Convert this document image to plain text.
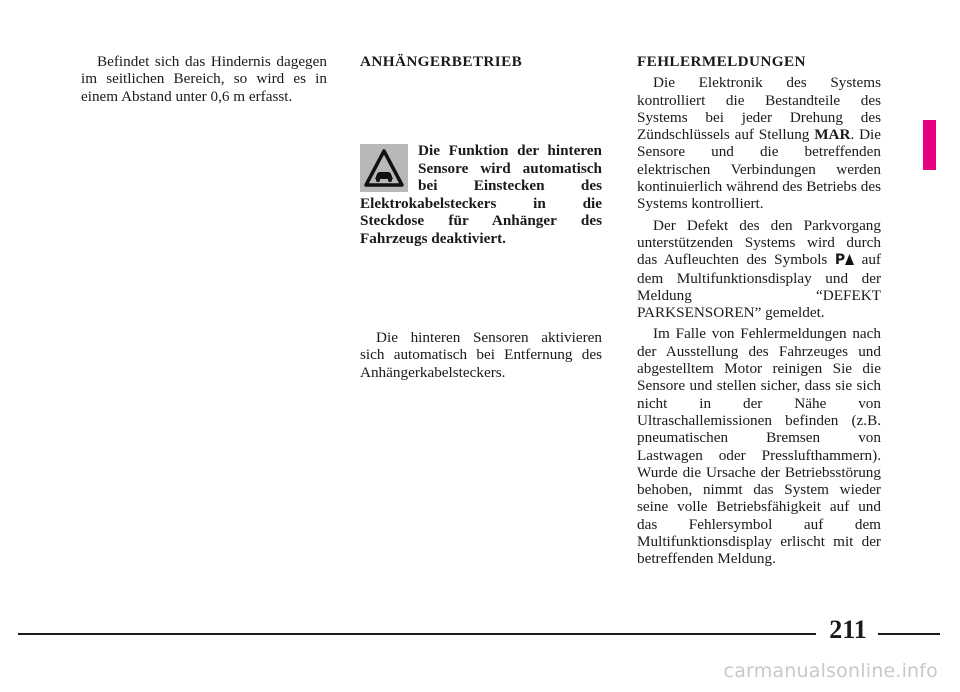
Befindet sich das Hindernis dagegen im seitlichen Bereich, so wird es in einem Abstand unter 0,6 m erfasst.

ANHÄNGERBETRIEB

Die Funktion der hinteren Sensore wird automatisch bei Einstecken des Elektrokabelsteckers in die Steckdose für Anhänger des Fahrzeugs deaktiviert.

Die hinteren Sensoren aktivieren sich automatisch bei Entfernung des Anhängerkabelsteckers.

FEHLERMELDUNGEN

Die Elektronik des Systems kontrolliert die Bestandteile des Systems bei jeder Drehung des Zündschlüssels auf Stellung MAR. Die Sensore und die betreffenden elektrischen Verbindungen werden kontinuierlich während des Betriebs des Systems kontrolliert.

Der Defekt des den Parkvorgang unterstützenden Systems wird durch das Aufleuchten des Symbols P auf dem Multifunktionsdisplay und der Meldung “DEFEKT PARKSENSOREN” gemeldet.

Im Falle von Fehlermeldungen nach der Ausstellung des Fahrzeuges und abgestelltem Motor reinigen Sie die Sensore und stellen sicher, dass sie sich nicht in der Nähe von Ultraschallemissionen befinden (z.B. pneumatischen Bremsen von Lastwagen oder Presslufthammern). Wurde die Ursache der Betriebsstörung behoben, nimmt das System wieder seine volle Betriebsfähigkeit auf und das Fehlersymbol auf dem Multifunktionsdisplay erlischt mit der betreffenden Meldung.

211
carmanualsonline.info
